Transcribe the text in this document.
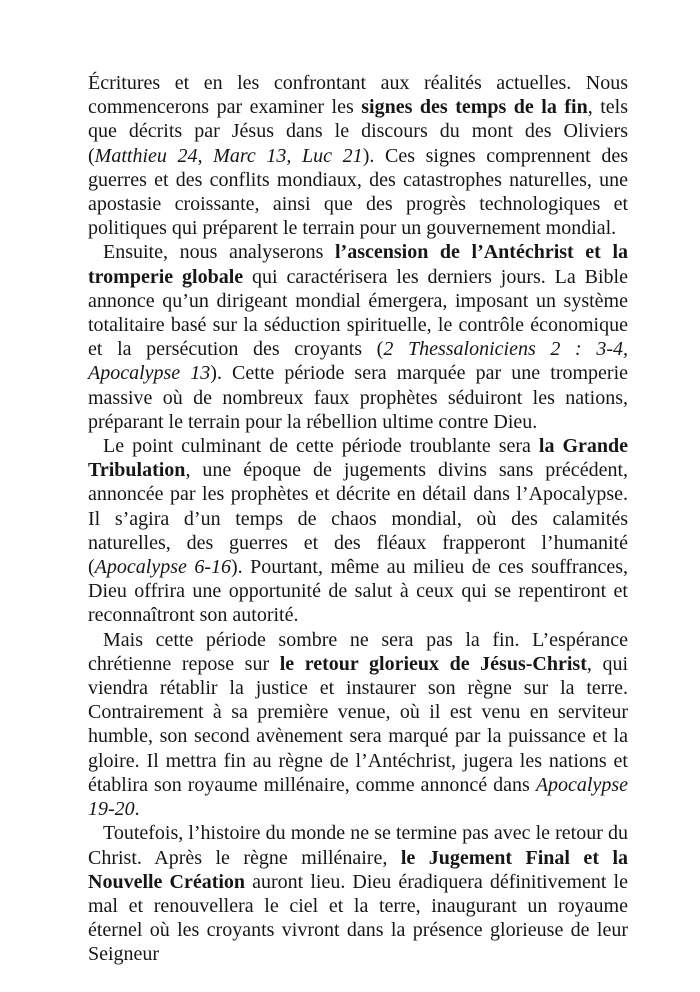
Écritures et en les confrontant aux réalités actuelles. Nous commencerons par examiner les signes des temps de la fin, tels que décrits par Jésus dans le discours du mont des Oliviers (Matthieu 24, Marc 13, Luc 21). Ces signes comprennent des guerres et des conflits mondiaux, des catastrophes naturelles, une apostasie croissante, ainsi que des progrès technologiques et politiques qui préparent le terrain pour un gouvernement mondial.

Ensuite, nous analyserons l’ascension de l’Antéchrist et la tromperie globale qui caractérisera les derniers jours. La Bible annonce qu’un dirigeant mondial émergera, imposant un système totalitaire basé sur la séduction spirituelle, le contrôle économique et la persécution des croyants (2 Thessaloniciens 2 : 3-4, Apocalypse 13). Cette période sera marquée par une tromperie massive où de nombreux faux prophètes séduiront les nations, préparant le terrain pour la rébellion ultime contre Dieu.

Le point culminant de cette période troublante sera la Grande Tribulation, une époque de jugements divins sans précédent, annoncée par les prophètes et décrite en détail dans l’Apocalypse. Il s’agira d’un temps de chaos mondial, où des calamités naturelles, des guerres et des fléaux frapperont l’humanité (Apocalypse 6-16). Pourtant, même au milieu de ces souffrances, Dieu offrira une opportunité de salut à ceux qui se repentiront et reconnaîtront son autorité.

Mais cette période sombre ne sera pas la fin. L’espérance chrétienne repose sur le retour glorieux de Jésus-Christ, qui viendra rétablir la justice et instaurer son règne sur la terre. Contrairement à sa première venue, où il est venu en serviteur humble, son second avènement sera marqué par la puissance et la gloire. Il mettra fin au règne de l’Antéchrist, jugera les nations et établira son royaume millénaire, comme annoncé dans Apocalypse 19-20.

Toutefois, l’histoire du monde ne se termine pas avec le retour du Christ. Après le règne millénaire, le Jugement Final et la Nouvelle Création auront lieu. Dieu éradiquera définitivement le mal et renouvellera le ciel et la terre, inaugurant un royaume éternel où les croyants vivront dans la présence glorieuse de leur Seigneur
